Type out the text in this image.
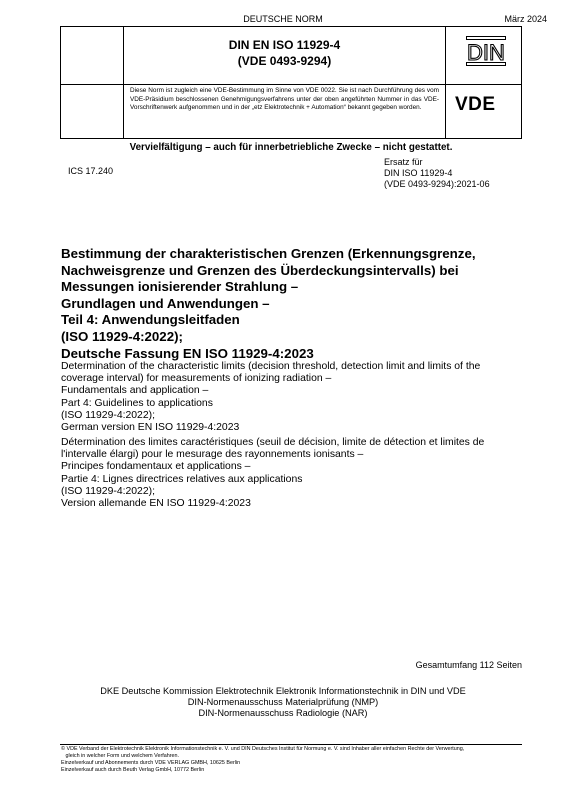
DEUTSCHE NORM	März 2024
DIN EN ISO 11929-4
(VDE 0493-9294)	DIN
Diese Norm ist zugleich eine VDE-Bestimmung im Sinne von VDE 0022. Sie ist nach Durchführung des vom VDE-Präsidium beschlossenen Genehmigungsverfahrens unter der oben angeführten Nummer in das VDE-Vorschriftenwerk aufgenommen und in der „etz Elektrotechnik + Automation“ bekannt gegeben worden.	VDE
Vervielfältigung – auch für innerbetriebliche Zwecke – nicht gestattet.
ICS 17.240
Ersatz für
DIN ISO 11929-4
(VDE 0493-9294):2021-06
Bestimmung der charakteristischen Grenzen (Erkennungsgrenze,
Nachweisgrenze und Grenzen des Überdeckungsintervalls) bei
Messungen ionisierender Strahlung –
Grundlagen und Anwendungen –
Teil 4: Anwendungsleitfaden
(ISO 11929-4:2022);
Deutsche Fassung EN ISO 11929-4:2023
Determination of the characteristic limits (decision threshold, detection limit and limits of the
coverage interval) for measurements of ionizing radiation –
Fundamentals and application –
Part 4: Guidelines to applications
(ISO 11929-4:2022);
German version EN ISO 11929-4:2023
Détermination des limites caractéristiques (seuil de décision, limite de détection et limites de
l'intervalle élargi) pour le mesurage des rayonnements ionisants –
Principes fondamentaux et applications –
Partie 4: Lignes directrices relatives aux applications
(ISO 11929-4:2022);
Version allemande EN ISO 11929-4:2023
Gesamtumfang 112 Seiten
DKE Deutsche Kommission Elektrotechnik Elektronik Informationstechnik in DIN und VDE
DIN-Normenausschuss Materialprüfung (NMP)
DIN-Normenausschuss Radiologie (NAR)
© VDE Verband der Elektrotechnik Elektronik Informationstechnik e. V. und DIN Deutsches Institut für Normung e. V. sind Inhaber aller einfachen Rechte der Verwertung,
gleich in welcher Form und welchem Verfahren.
Einzelverkauf und Abonnements durch VDE VERLAG GMBH, 10625 Berlin
Einzelverkauf auch durch Beuth Verlag GmbH, 10772 Berlin
